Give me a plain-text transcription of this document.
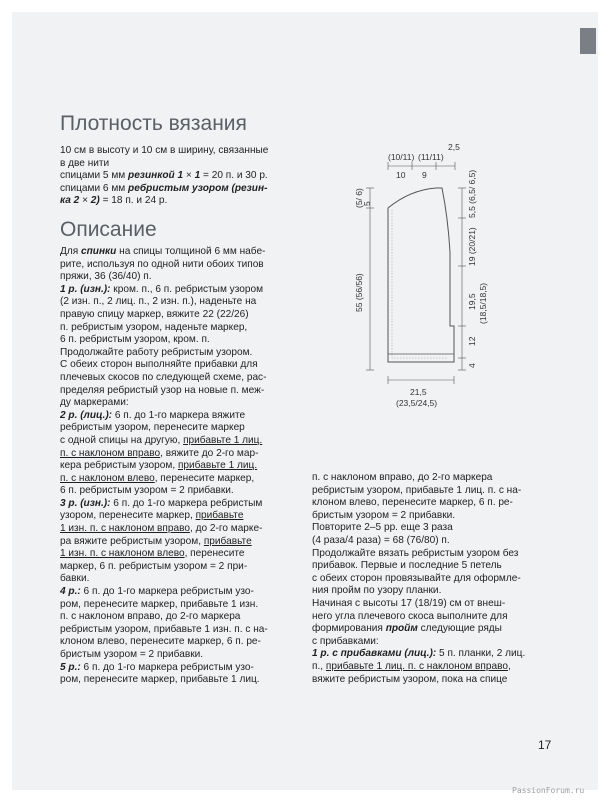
Плотность вязания
10 см в высоту и 10 см в ширину, связанные
в две нити
спицами 5 мм резинкой 1 × 1 = 20 п. и 30 р.
спицами 6 мм ребристым узором (резин-
ка 2 × 2) = 18 п. и 24 р.
Описание
Для спинки на спицы толщиной 6 мм набе-
рите, используя по одной нити обоих типов
пряжи, 36 (36/40) п.
1 р. (изн.): кром. п., 6 п. ребристым узором
(2 изн. п., 2 лиц. п., 2 изн. п.), наденьте на
правую спицу маркер, вяжите 22 (22/26)
п. ребристым узором, наденьте маркер,
6 п. ребристым узором, кром. п.
Продолжайте работу ребристым узором.
С обеих сторон выполняйте прибавки для
плечевых скосов по следующей схеме, рас-
пределяя ребристый узор на новые п. меж-
ду маркерами:
2 р. (лиц.): 6 п. до 1-го маркера вяжите
ребристым узором, перенесите маркер
с одной спицы на другую, прибавьте 1 лиц.
п. с наклоном вправо, вяжите до 2-го мар-
кера ребристым узором, прибавьте 1 лиц.
п. с наклоном влево, перенесите маркер,
6 п. ребристым узором = 2 прибавки.
3 р. (изн.): 6 п. до 1-го маркера ребристым
узором, перенесите маркер, прибавьте
1 изн. п. с наклоном вправо, до 2-го марке-
ра вяжите ребристым узором, прибавьте
1 изн. п. с наклоном влево, перенесите
маркер, 6 п. ребристым узором = 2 при-
бавки.
4 р.: 6 п. до 1-го маркера ребристым узо-
ром, перенесите маркер, прибавьте 1 изн.
п. с наклоном вправо, до 2-го маркера
ребристым узором, прибавьте 1 изн. п. с на-
клоном влево, перенесите маркер, 6 п. ре-
бристым узором = 2 прибавки.
5 р.: 6 п. до 1-го маркера ребристым узо-
ром, перенесите маркер, прибавьте 1 лиц.
п. с наклоном вправо, до 2-го маркера
ребристым узором, прибавьте 1 лиц. п. с на-
клоном влево, перенесите маркер, 6 п. ре-
бристым узором = 2 прибавки.
Повторите 2–5 рр. еще 3 раза
(4 раза/4 раза) = 68 (76/80) п.
Продолжайте вязать ребристым узором без
прибавок. Первые и последние 5 петель
с обеих сторон провязывайте для оформле-
ния пройм по узору планки.
Начиная с высоты 17 (18/19) см от внеш-
него угла плечевого скоса выполните для
формирования пройм следующие ряды
с прибавками:
1 р. с прибавками (лиц.): 5 п. планки, 2 лиц.
п., прибавьте 1 лиц. п. с наклоном вправо,
вяжите ребристым узором, пока на спице
(10/11) (11/11)
2,5
10 9
(5/ 6)
5
55 (56/56)
5,5 (6,5/ 6,5)
19 (20/21)
19,5 (18,5/18,5)
12
4
21,5
(23,5/24,5)
17
PassionForum.ru
